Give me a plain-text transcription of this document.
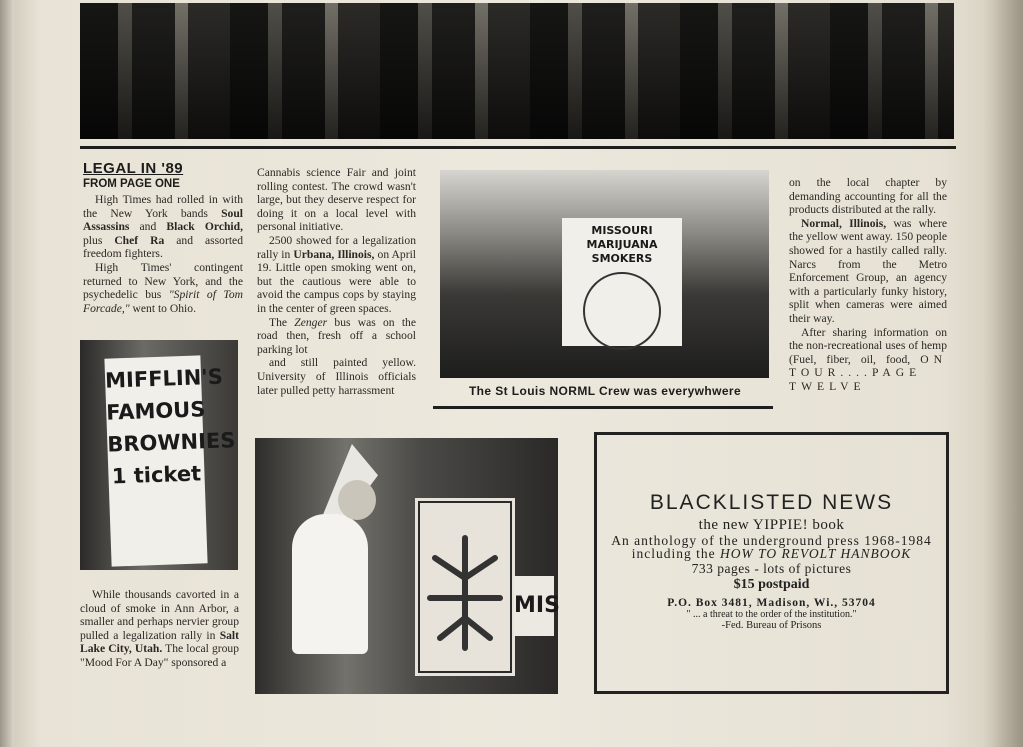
LEGAL IN '89
FROM PAGE ONE

High Times had rolled in with the New York bands Soul Assassins and Black Orchid, plus Chef Ra and assorted freedom fighters.

High Times' contingent returned to New York, and the psychedelic bus "Spirit of Tom Forcade," went to Ohio.

MIFFLIN'S
FAMOUS
BROWNIES
1 ticket

While thousands cavorted in a cloud of smoke in Ann Arbor, a smaller and perhaps nervier group pulled a legalization rally in Salt Lake City, Utah. The local group "Mood For A Day" sponsored a

Cannabis science Fair and joint rolling contest. The crowd wasn't large, but they deserve respect for doing it on a local level with personal initiative.

2500 showed for a legalization rally in Urbana, Illinois, on April 19. Little open smoking went on, but the cautious were able to avoid the campus cops by staying in the center of green spaces.

The Zenger bus was on the road then, fresh off a school parking lot

and still painted yellow. University of Illinois officials later pulled petty harrassment

MISSOURI MARIJUANA SMOKERS
The St Louis NORML Crew was everywhwere

on the local chapter by demanding accounting for all the products distributed at the rally.

Normal, Illinois, was where the yellow went away. 150 people showed for a hastily called rally. Narcs from the Metro Enforcement Group, an agency with a particularly funky history, split when cameras were aimed their way.

After sharing information on the non-recreational uses of hemp (Fuel, fiber, oil, food, ON TOUR....PAGE TWELVE

MIS
BLACKLISTED NEWS
the new YIPPIE! book
An anthology of the underground press 1968-1984
including the HOW TO REVOLT HANBOOK
733 pages - lots of pictures
$15 postpaid
P.O. Box 3481, Madison, Wi., 53704
" ... a threat to the order of the institution."
-Fed. Bureau of Prisons
